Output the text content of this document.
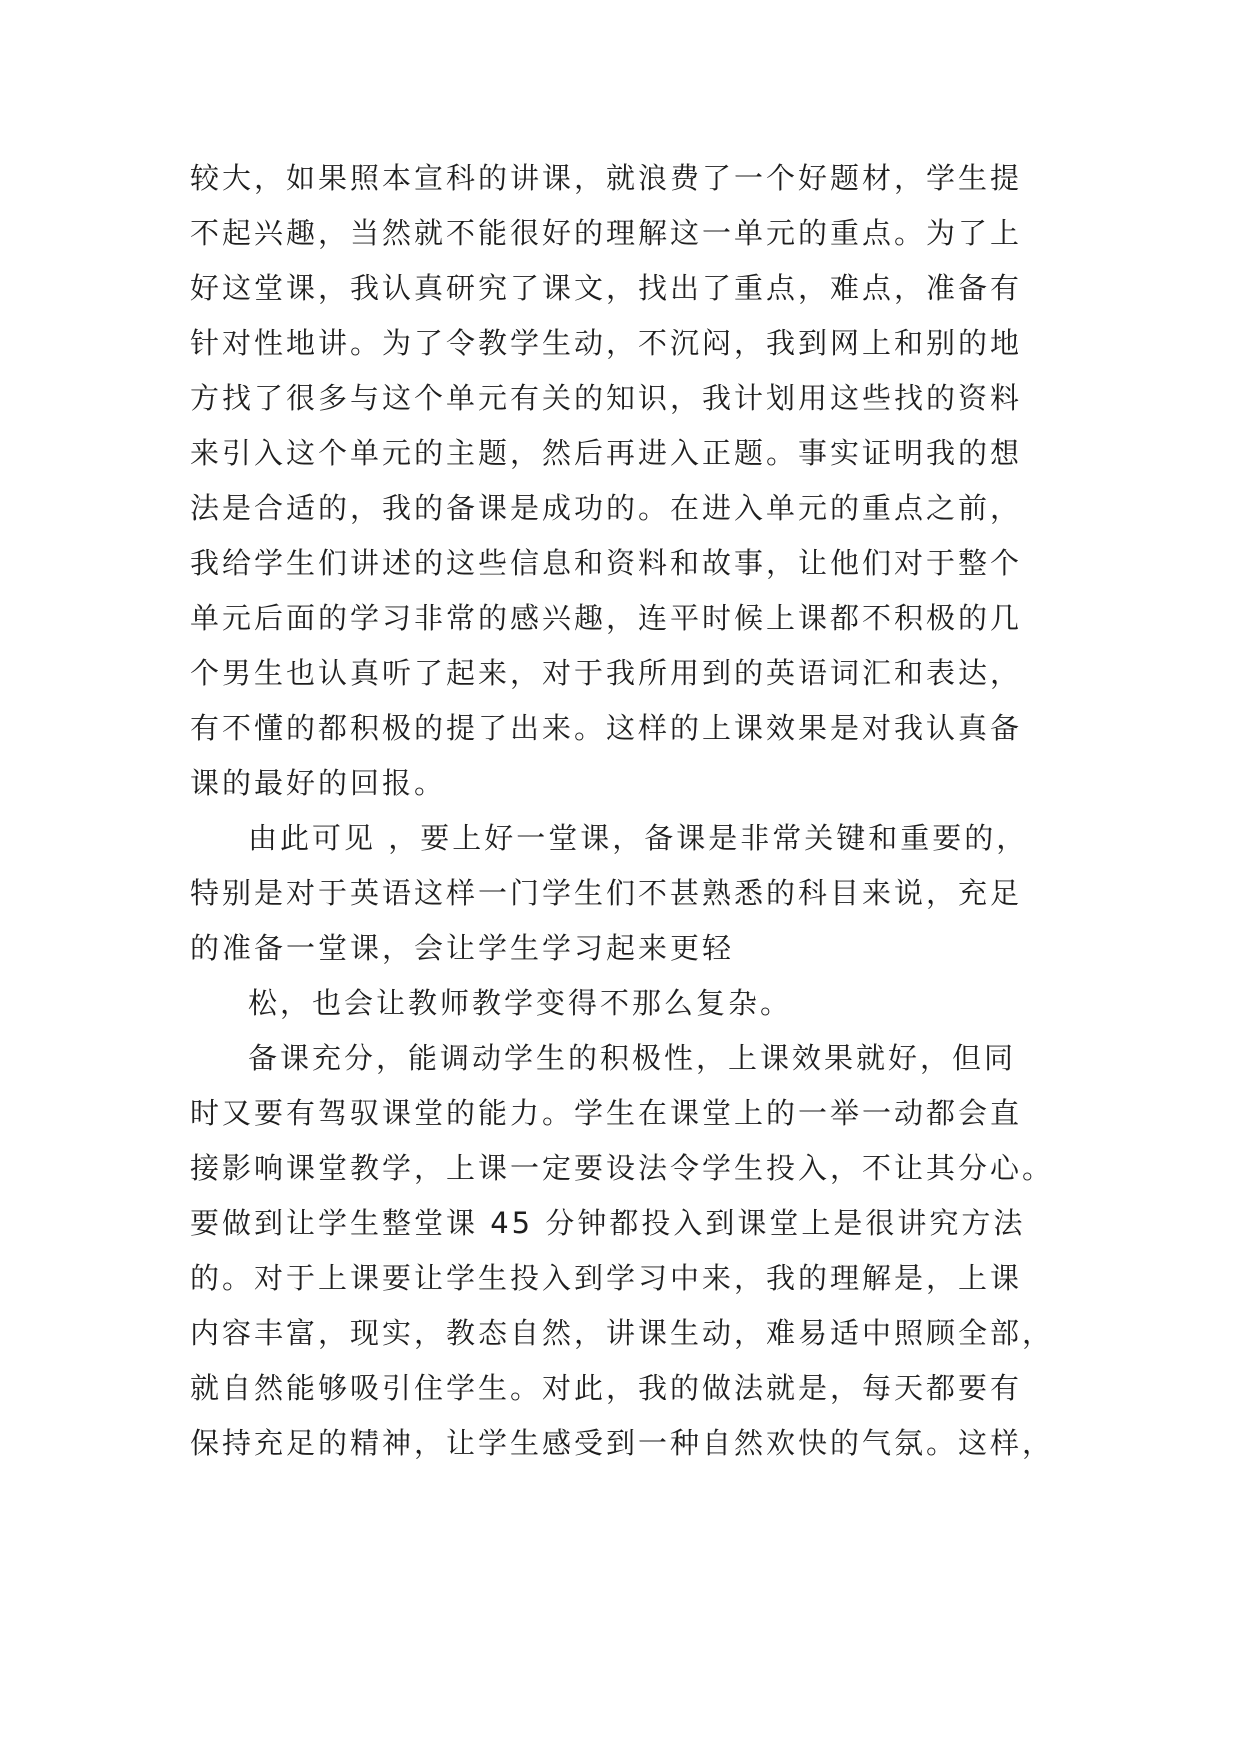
较大，如果照本宣科的讲课，就浪费了一个好题材，学生提
不起兴趣，当然就不能很好的理解这一单元的重点。为了上
好这堂课，我认真研究了课文，找出了重点，难点，准备有
针对性地讲。为了令教学生动，不沉闷，我到网上和别的地
方找了很多与这个单元有关的知识，我计划用这些找的资料
来引入这个单元的主题，然后再进入正题。事实证明我的想
法是合适的，我的备课是成功的。在进入单元的重点之前，
我给学生们讲述的这些信息和资料和故事，让他们对于整个
单元后面的学习非常的感兴趣，连平时候上课都不积极的几
个男生也认真听了起来，对于我所用到的英语词汇和表达，
有不懂的都积极的提了出来。这样的上课效果是对我认真备
课的最好的回报。
由此可见 ，要上好一堂课，备课是非常关键和重要的，
特别是对于英语这样一门学生们不甚熟悉的科目来说，充足
的准备一堂课，会让学生学习起来更轻
松，也会让教师教学变得不那么复杂。
备课充分，能调动学生的积极性，上课效果就好，但同
时又要有驾驭课堂的能力。学生在课堂上的一举一动都会直
接影响课堂教学，上课一定要设法令学生投入，不让其分心。
要做到让学生整堂课 45 分钟都投入到课堂上是很讲究方法
的。对于上课要让学生投入到学习中来，我的理解是，上课
内容丰富，现实，教态自然，讲课生动，难易适中照顾全部，
就自然能够吸引住学生。对此，我的做法就是，每天都要有
保持充足的精神，让学生感受到一种自然欢快的气氛。这样，
